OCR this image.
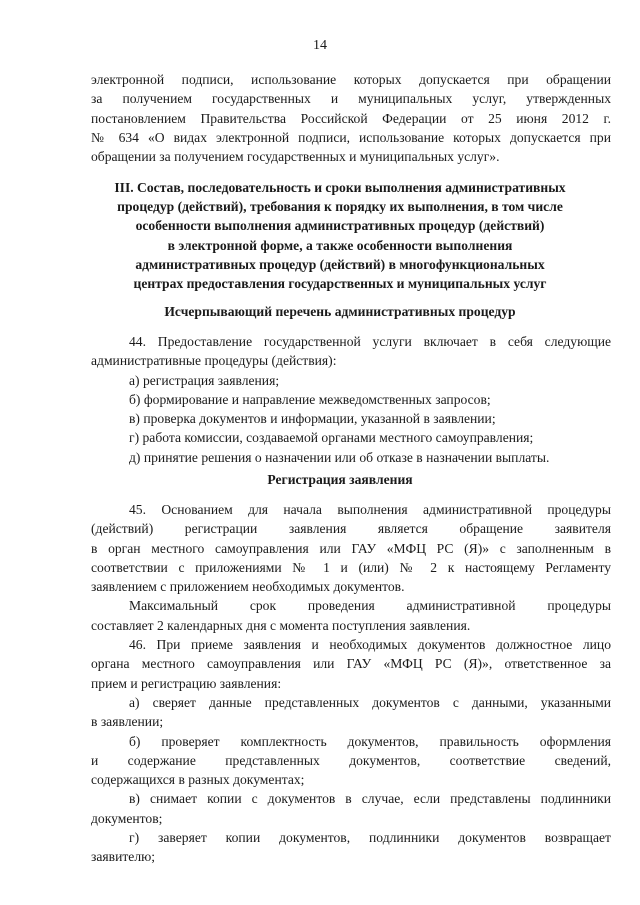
14

электронной подписи, использование которых допускается при обращении

за получением государственных и муниципальных услуг, утвержденных

постановлением Правительства Российской Федерации от 25 июня 2012 г.

№ 634 «О видах электронной подписи, использование которых допускается при

обращении за получением государственных и муниципальных услуг».

III. Состав, последовательность и сроки выполнения административных

процедур (действий), требования к порядку их выполнения, в том числе

особенности выполнения административных процедур (действий)

в электронной форме, а также особенности выполнения

административных процедур (действий) в многофункциональных

центрах предоставления государственных и муниципальных услуг

Исчерпывающий перечень административных процедур

44. Предоставление государственной услуги включает в себя следующие

административные процедуры (действия):

а) регистрация заявления;

б) формирование и направление межведомственных запросов;

в) проверка документов и информации, указанной в заявлении;

г) работа комиссии, создаваемой органами местного самоуправления;

д) принятие решения о назначении или об отказе в назначении выплаты.

Регистрация заявления

45. Основанием для начала выполнения административной процедуры

(действий) регистрации заявления является обращение заявителя

в орган местного самоуправления или ГАУ «МФЦ РС (Я)» с заполненным в

соответствии с приложениями № 1 и (или) № 2 к настоящему Регламенту

заявлением с приложением необходимых документов.

Максимальный срок проведения административной процедуры

составляет 2 календарных дня с момента поступления заявления.

46. При приеме заявления и необходимых документов должностное лицо

органа местного самоуправления или ГАУ «МФЦ РС (Я)», ответственное за

прием и регистрацию заявления:

а) сверяет данные представленных документов с данными, указанными

в заявлении;

б) проверяет комплектность документов, правильность оформления

и содержание представленных документов, соответствие сведений,

содержащихся в разных документах;

в) снимает копии с документов в случае, если представлены подлинники

документов;

г) заверяет копии документов, подлинники документов возвращает

заявителю;
